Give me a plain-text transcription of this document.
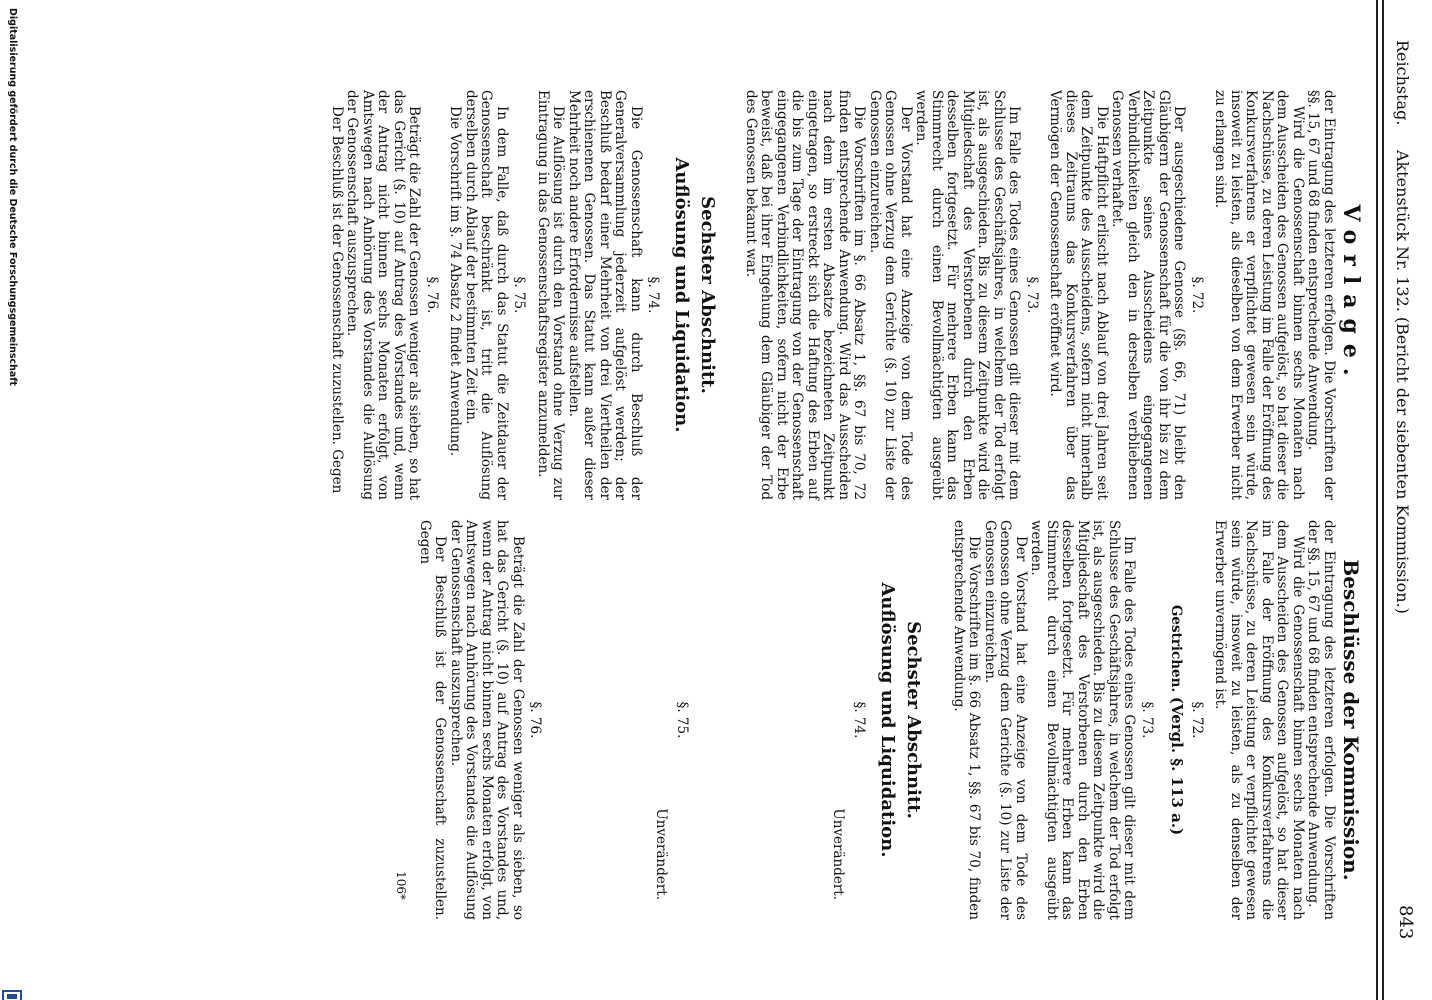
Reichstag.
Aktenstück Nr. 132. (Bericht der siebenten Kommission.)
843
Vorlage.

der Eintragung des letzteren erfolgen. Die Vorschriften der §§. 15, 67 und 68 finden entsprechende Anwendung.

Wird die Genossenschaft binnen sechs Monaten nach dem Ausscheiden des Genossen aufgelöst, so hat dieser die Nachschüsse, zu deren Leistung im Falle der Eröffnung des Konkursverfahrens er verpflichtet gewesen sein würde, insoweit zu leisten, als dieselben von dem Erwerber nicht zu erlangen sind.

§. 72.

Der ausgeschiedene Genosse (§§. 66, 71) bleibt den Gläubigern der Genossenschaft für die von ihr bis zu dem Zeitpunkte seines Ausscheidens eingegangenen Verbindlichkeiten gleich den in derselben verbliebenen Genossen verhaftet.

Die Haftpflicht erlischt nach Ablauf von drei Jahren seit dem Zeitpunkte des Ausscheidens, sofern nicht innerhalb dieses Zeitraums das Konkursverfahren über das Vermögen der Genossenschaft eröffnet wird.

§. 73.

Im Falle des Todes eines Genossen gilt dieser mit dem Schlusse des Geschäftsjahres, in welchem der Tod erfolgt ist, als ausgeschieden. Bis zu diesem Zeitpunkte wird die Mitgliedschaft des Verstorbenen durch den Erben desselben fortgesetzt. Für mehrere Erben kann das Stimmrecht durch einen Bevollmächtigten ausgeübt werden.

Der Vorstand hat eine Anzeige von dem Tode des Genossen ohne Verzug dem Gerichte (§. 10) zur Liste der Genossen einzureichen.

Die Vorschriften im §. 66 Absatz 1, §§. 67 bis 70, 72 finden entsprechende Anwendung. Wird das Ausscheiden nach dem im ersten Absatze bezeichneten Zeitpunkt eingetragen, so erstreckt sich die Haftung des Erben auf die bis zum Tage der Eintragung von der Genossenschaft eingegangenen Verbindlichkeiten, sofern nicht der Erbe beweist, daß bei ihrer Eingehung dem Gläubiger der Tod des Genossen bekannt war.

Sechster Abschnitt.
Auflösung und Liquidation.
§. 74.

Die Genossenschaft kann durch Beschluß der Generalversammlung jederzeit aufgelöst werden; der Beschluß bedarf einer Mehrheit von drei Viertheilen der erschienenen Genossen. Das Statut kann außer dieser Mehrheit noch andere Erfordernisse aufstellen.

Die Auflösung ist durch den Vorstand ohne Verzug zur Eintragung in das Genossenschaftsregister anzumelden.

§. 75.

In dem Falle, daß durch das Statut die Zeitdauer der Genossenschaft beschränkt ist, tritt die Auflösung derselben durch Ablauf der bestimmten Zeit ein.

Die Vorschrift im §. 74 Absatz 2 findet Anwendung.

§. 76.

Beträgt die Zahl der Genossen weniger als sieben, so hat das Gericht (§. 10) auf Antrag des Vorstandes und, wenn der Antrag nicht binnen sechs Monaten erfolgt, von Amtswegen nach Anhörung des Vorstandes die Auflösung der Genossenschaft auszusprechen.

Der Beschluß ist der Genossenschaft zuzustellen. Gegen

Beschlüsse der Kommission.

der Eintragung des letzteren erfolgen. Die Vorschriften der §§. 15, 67 und 68 finden entsprechende Anwendung.

Wird die Genossenschaft binnen sechs Monaten nach dem Ausscheiden des Genossen aufgelöst, so hat dieser im Falle der Eröffnung des Konkursverfahrens die Nachschüsse, zu deren Leistung er verpflichtet gewesen sein würde, insoweit zu leisten, als zu denselben der Erwerber unvermögend ist.

§. 72.
Gestrichen. (Vergl. §. 113 a.)
§. 73.

Im Falle des Todes eines Genossen gilt dieser mit dem Schlusse des Geschäftsjahres, in welchem der Tod erfolgt ist, als ausgeschieden. Bis zu diesem Zeitpunkte wird die Mitgliedschaft des Verstorbenen durch den Erben desselben fortgesetzt. Für mehrere Erben kann das Stimmrecht durch einen Bevollmächtigten ausgeübt werden.

Der Vorstand hat eine Anzeige von dem Tode des Genossen ohne Verzug dem Gerichte (§. 10) zur Liste der Genossen einzureichen.

Die Vorschriften im §. 66 Absatz 1, §§. 67 bis 70, finden entsprechende Anwendung.

Sechster Abschnitt.
Auflösung und Liquidation.
§. 74.
Unverändert.
§. 75.
Unverändert.
§. 76.

Beträgt die Zahl der Genossen weniger als sieben, so hat das Gericht (§. 10) auf Antrag des Vorstandes und, wenn der Antrag nicht binnen sechs Monaten erfolgt, von Amtswegen nach Anhörung des Vorstandes die Auflösung der Genossenschaft auszusprechen.

Der Beschluß ist der Genossenschaft zuzustellen. Gegen

106*
Digitalisierung gefördert durch die Deutsche Forschungsgemeinschaft
